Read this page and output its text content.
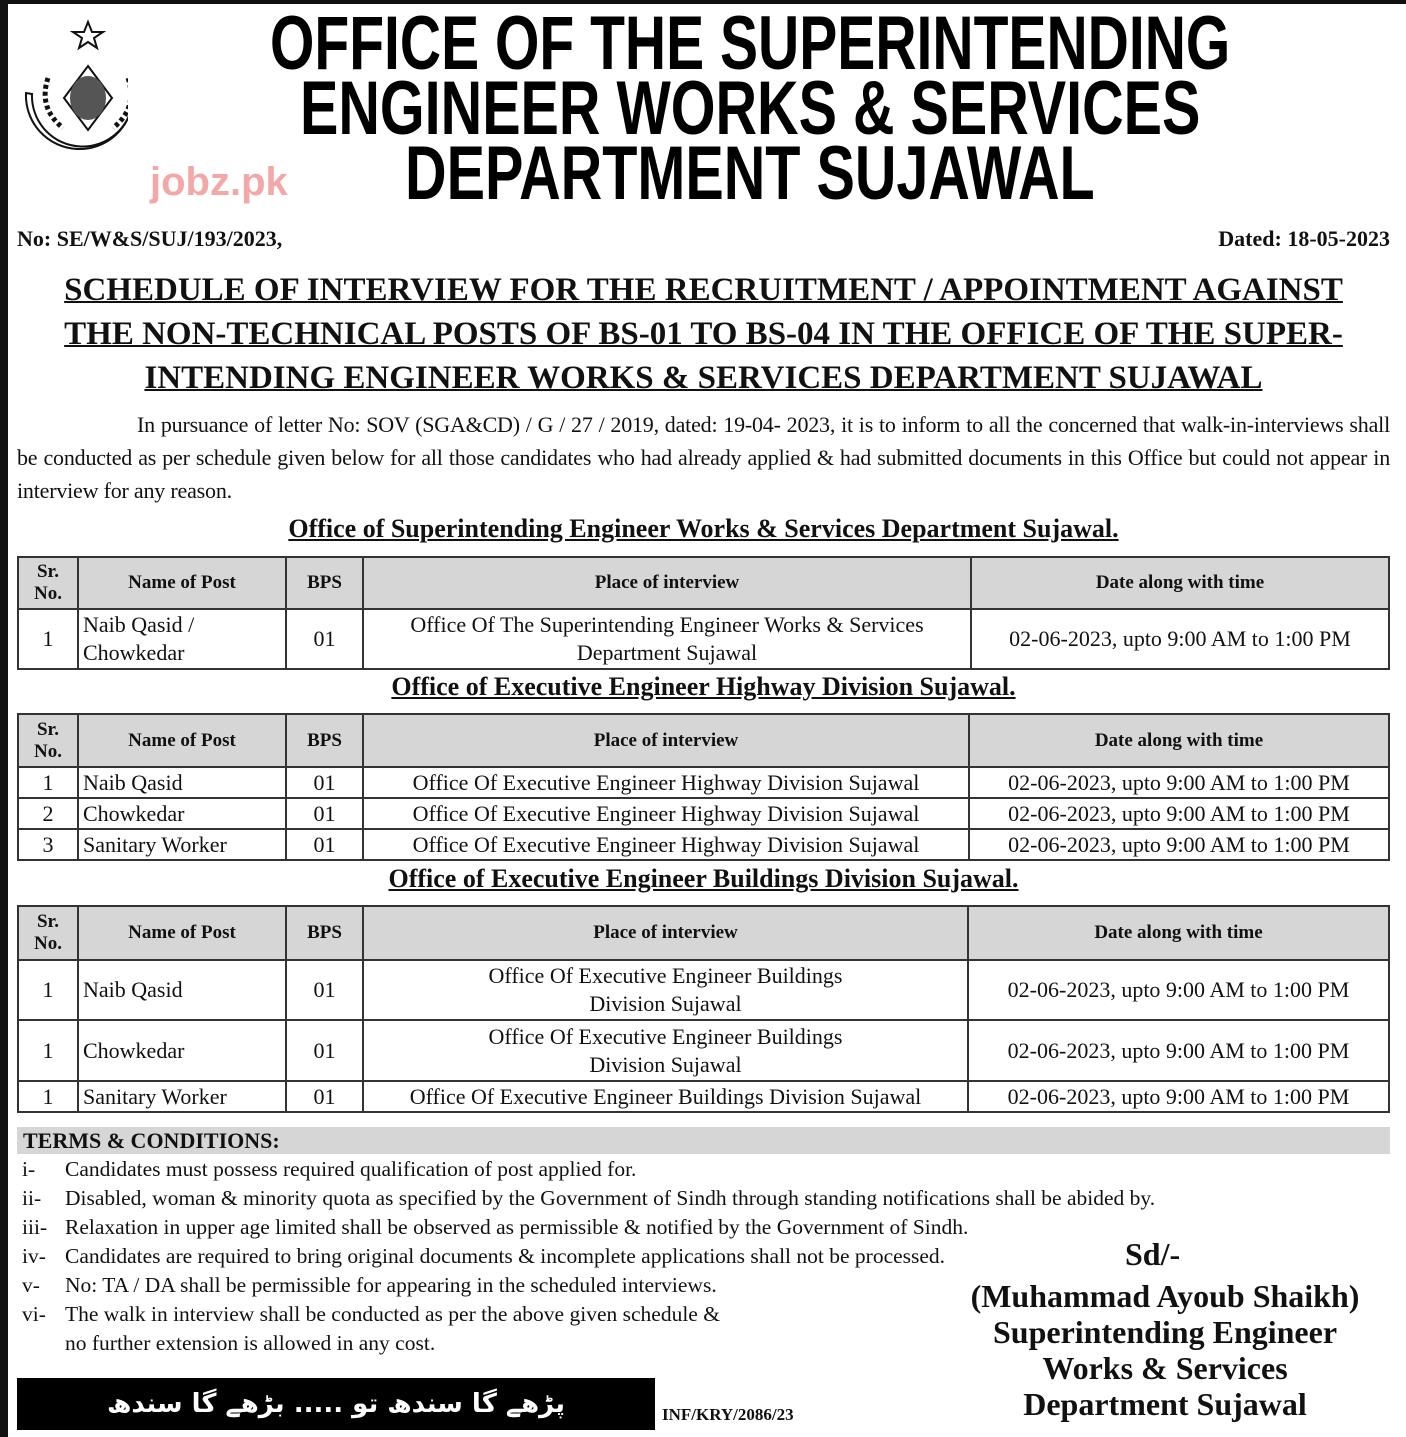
OFFICE OF THE SUPERINTENDING
ENGINEER WORKS & SERVICES
DEPARTMENT SUJAWAL
jobz.pk
No: SE/W&S/SUJ/193/2023,	Dated: 18-05-2023
SCHEDULE OF INTERVIEW FOR THE RECRUITMENT / APPOINTMENT AGAINST
THE NON-TECHNICAL POSTS OF BS-01 TO BS-04 IN THE OFFICE OF THE SUPER-
INTENDING ENGINEER WORKS & SERVICES DEPARTMENT SUJAWAL
In pursuance of letter No: SOV (SGA&CD) / G / 27 / 2019, dated: 19-04- 2023, it is to inform to all the concerned that walk-in-interviews shall be conducted as per schedule given below for all those candidates who had already applied & had submitted documents in this Office but could not appear in interview for any reason.
Office of Superintending Engineer Works & Services Department Sujawal.
Sr. No.	Name of Post	BPS	Place of interview	Date along with time
1	Naib Qasid / Chowkedar	01	Office Of The Superintending Engineer Works & Services Department Sujawal	02-06-2023, upto 9:00 AM to 1:00 PM
Office of Executive Engineer Highway Division Sujawal.
Sr. No.	Name of Post	BPS	Place of interview	Date along with time
1	Naib Qasid	01	Office Of Executive Engineer Highway Division Sujawal	02-06-2023, upto 9:00 AM to 1:00 PM
2	Chowkedar	01	Office Of Executive Engineer Highway Division Sujawal	02-06-2023, upto 9:00 AM to 1:00 PM
3	Sanitary Worker	01	Office Of Executive Engineer Highway Division Sujawal	02-06-2023, upto 9:00 AM to 1:00 PM
Office of Executive Engineer Buildings Division Sujawal.
Sr. No.	Name of Post	BPS	Place of interview	Date along with time
1	Naib Qasid	01	Office Of Executive Engineer Buildings Division Sujawal	02-06-2023, upto 9:00 AM to 1:00 PM
1	Chowkedar	01	Office Of Executive Engineer Buildings Division Sujawal	02-06-2023, upto 9:00 AM to 1:00 PM
1	Sanitary Worker	01	Office Of Executive Engineer Buildings Division Sujawal	02-06-2023, upto 9:00 AM to 1:00 PM
TERMS & CONDITIONS:
i-	Candidates must possess required qualification of post applied for.
ii-	Disabled, woman & minority quota as specified by the Government of Sindh through standing notifications shall be abided by.
iii- Relaxation in upper age limited shall be observed as permissible & notified by the Government of Sindh.
iv- Candidates are required to bring original documents & incomplete applications shall not be processed.
v-	No: TA / DA shall be permissible for appearing in the scheduled interviews.
vi- The walk in interview shall be conducted as per the above given schedule &
no further extension is allowed in any cost.
Sd/-
(Muhammad Ayoub Shaikh)
Superintending Engineer
Works & Services
Department Sujawal
پڑھے گا سندھ تو ..... بڑھے گا سندھ	INF/KRY/2086/23
